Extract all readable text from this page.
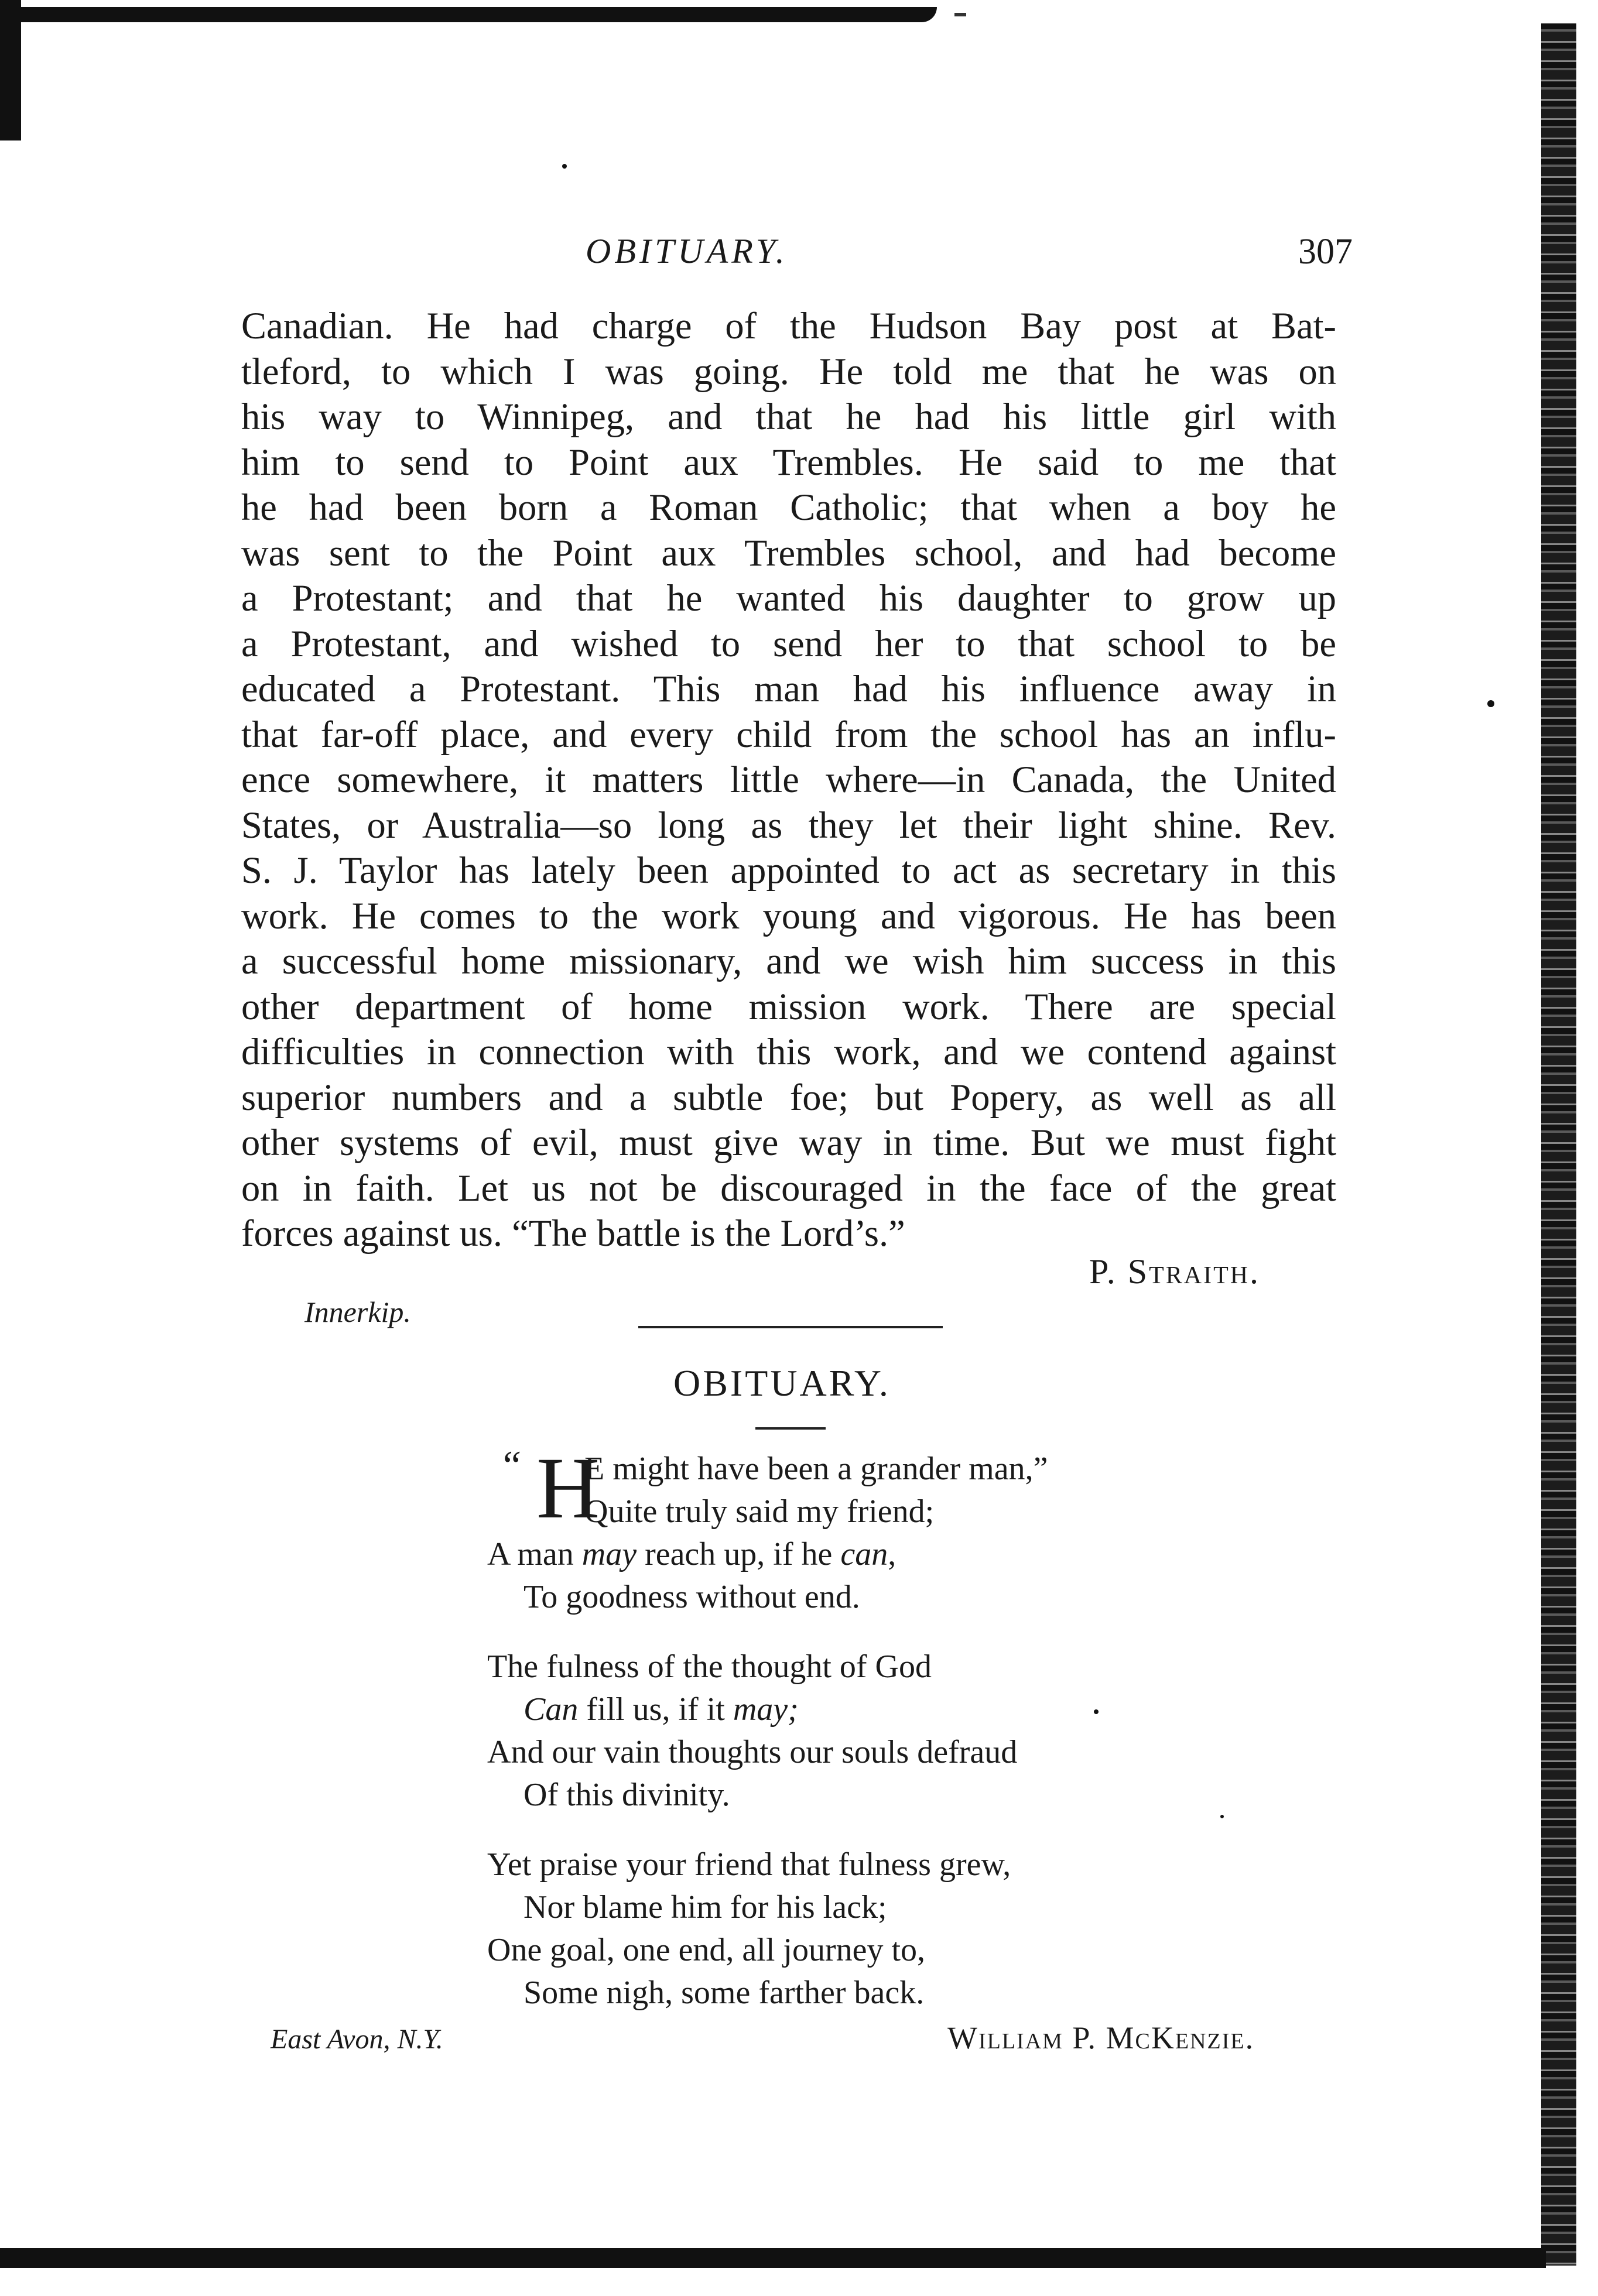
OBITUARY.	307
Canadian. He had charge of the Hudson Bay post at Bat-
tleford, to which I was going. He told me that he was on
his way to Winnipeg, and that he had his little girl with
him to send to Point aux Trembles. He said to me that
he had been born a Roman Catholic; that when a boy he
was sent to the Point aux Trembles school, and had become
a Protestant; and that he wanted his daughter to grow up
a Protestant, and wished to send her to that school to be
educated a Protestant. This man had his influence away in
that far-off place, and every child from the school has an influ-
ence somewhere, it matters little where—in Canada, the United
States, or Australia—so long as they let their light shine. Rev.
S. J. Taylor has lately been appointed to act as secretary in this
work. He comes to the work young and vigorous. He has been
a successful home missionary, and we wish him success in this
other department of home mission work. There are special
difficulties in connection with this work, and we contend against
superior numbers and a subtle foe; but Popery, as well as all
other systems of evil, must give way in time. But we must fight
on in faith. Let us not be discouraged in the face of the great
forces against us. “The battle is the Lord’s.”
P. Straith.
Innerkip.
OBITUARY.
“ H
E might have been a grander man,”
Quite truly said my friend;
A man may reach up, if he can,
To goodness without end.
The fulness of the thought of God
Can fill us, if it may;
And our vain thoughts our souls defraud
Of this divinity.
Yet praise your friend that fulness grew,
Nor blame him for his lack;
One goal, one end, all journey to,
Some nigh, some farther back.
East Avon, N.Y.	William P. McKenzie.
